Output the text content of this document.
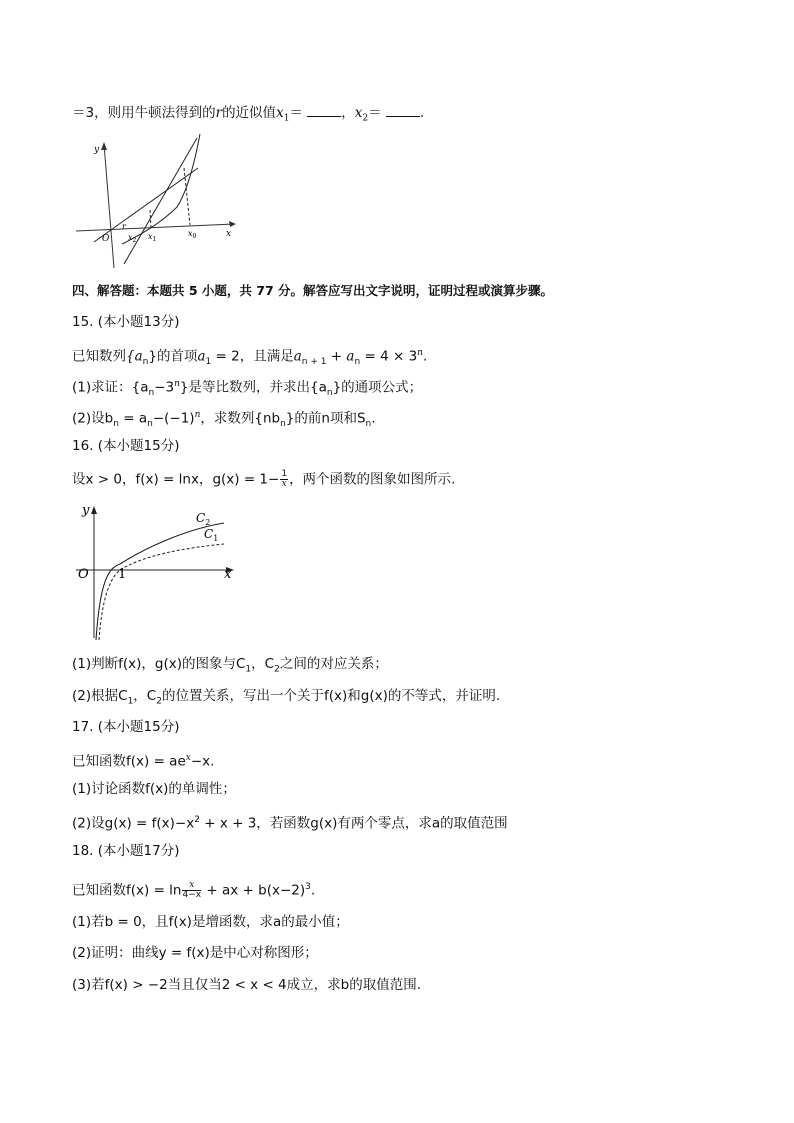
＝3，则用牛顿法得到的r的近似值$x_1=$	，$x_2=$	.
y
x
O
r
$x_2$ $x_1$
$x_0$
四、解答题：本题共 5 小题，共 77 分。解答应写出文字说明，证明过程或演算步骤。
15. (本小题13分)
已知数列$\{a_n\}$的首项$a_1 = 2$，且满足$a_{n + 1} + a_n = 4 \times 3^n$.
(1)求证：$\{a_n-3^n\}$是等比数列，并求出$\{a_n\}$的通项公式；
(2)设$b_n = a_n-(-1)^n$，求数列$\{nb_n\}$的前n项和$S_n$.
16. (本小题15分)
设x > 0，f(x) = lnx，$g(x) = 1- \frac{1}{x}$ ，两个函数的图象如图所示.
y
x
O 1
$C_2$
$C_1$
(1)判断f(x)，g(x)的图象与$C_1$，$C_2$之间的对应关系；
(2)根据$C_1$，$C_2$的位置关系，写出一个关于f(x)和g(x)的不等式，并证明.
17. (本小题15分)
已知函数$f(x) = ae^x-x$.
(1)讨论函数f(x)的单调性；
(2)设$g(x) = f(x)-x^2 + x + 3$，若函数g(x)有两个零点，求a的取值范围
18. (本小题17分)
已知函数$f(x) = \ln \frac{x}{4-x}$ + ax + $b(x-2)^3$.
(1)若b = 0，且f(x)是增函数，求a的最小值；
(2)证明：曲线y = f(x)是中心对称图形；
(3)若f(x) > −2当且仅当2 < x < 4成立，求b的取值范围.
